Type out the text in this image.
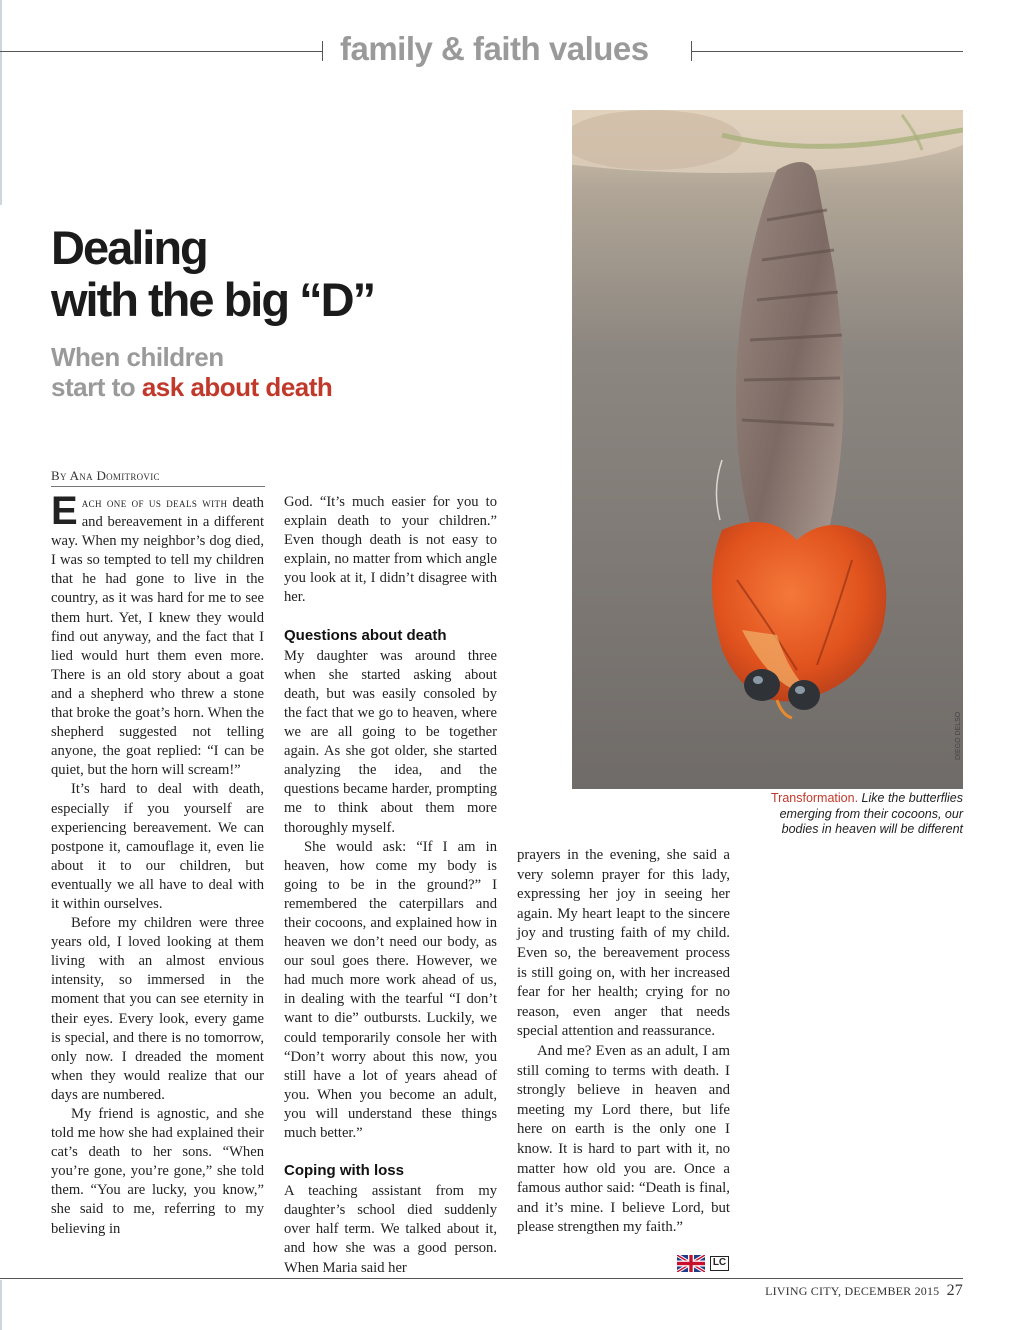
family & faith values
Dealing
with the big “D”
When children
start to ask about death
By Ana Domitrovic

Each one of us deals with death and bereavement in a different way. When my neighbor’s dog died, I was so tempted to tell my children that he had gone to live in the country, as it was hard for me to see them hurt. Yet, I knew they would find out anyway, and the fact that I lied would hurt them even more. There is an old story about a goat and a shepherd who threw a stone that broke the goat’s horn. When the shepherd suggested not telling anyone, the goat replied: “I can be quiet, but the horn will scream!”

It’s hard to deal with death, especially if you yourself are experiencing bereavement. We can postpone it, camouflage it, even lie about it to our children, but eventually we all have to deal with it within ourselves.

Before my children were three years old, I loved looking at them living with an almost envious intensity, so immersed in the moment that you can see eternity in their eyes. Every look, every game is special, and there is no tomorrow, only now. I dreaded the moment when they would realize that our days are numbered.

My friend is agnostic, and she told me how she had explained their cat’s death to her sons. “When you’re gone, you’re gone,” she told them. “You are lucky, you know,” she said to me, referring to my believing in

God. “It’s much easier for you to explain death to your children.” Even though death is not easy to explain, no matter from which angle you look at it, I didn’t disagree with her.

Questions about death

My daughter was around three when she started asking about death, but was easily consoled by the fact that we go to heaven, where we are all going to be together again. As she got older, she started analyzing the idea, and the questions became harder, prompting me to think about them more thoroughly myself.

She would ask: “If I am in heaven, how come my body is going to be in the ground?” I remembered the caterpillars and their cocoons, and explained how in heaven we don’t need our body, as our soul goes there. However, we had much more work ahead of us, in dealing with the tearful “I don’t want to die” outbursts. Luckily, we could temporarily console her with “Don’t worry about this now, you still have a lot of years ahead of you. When you become an adult, you will understand these things much better.”

Coping with loss

A teaching assistant from my daughter’s school died suddenly over half term. We talked about it, and how she was a good person. When Maria said her

prayers in the evening, she said a very solemn prayer for this lady, expressing her joy in seeing her again. My heart leapt to the sincere joy and trusting faith of my child. Even so, the bereavement process is still going on, with her increased fear for her health; crying for no reason, even anger that needs special attention and reassurance.

And me? Even as an adult, I am still coming to terms with death. I strongly believe in heaven and meeting my Lord there, but life here on earth is the only one I know. It is hard to part with it, no matter how old you are. Once a famous author said: “Death is final, and it’s mine. I believe Lord, but please strengthen my faith.”

LC
DIEGO DELSO
Transformation. Like the butterflies emerging from their cocoons, our bodies in heaven will be different
LIVING CITY, DECEMBER 2015 27
